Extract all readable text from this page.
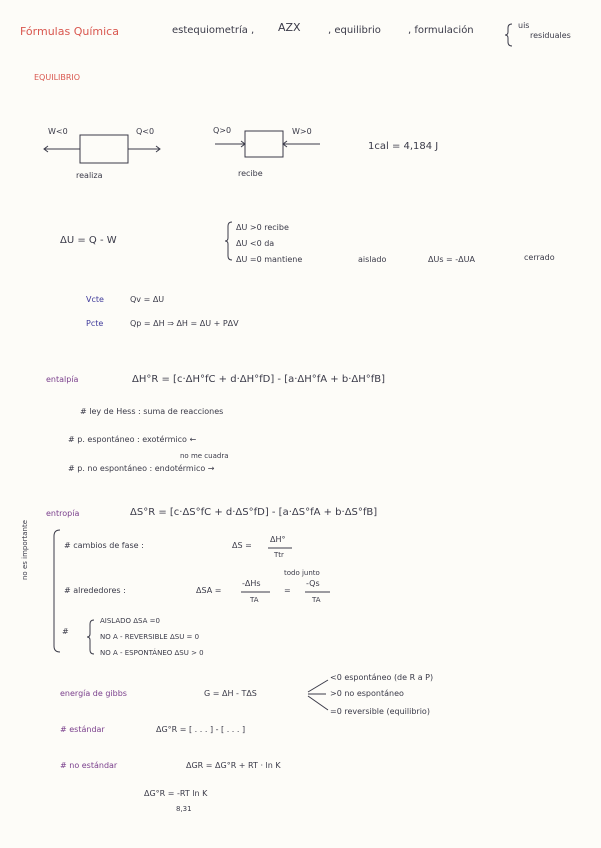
Fórmulas Química	estequiometría , AZX	, equilibrio	, formulación	uis
residuales
EQUILIBRIO
W<0	Q<0
realiza
Q>0	W>0
recibe
1cal = 4,184 J
ΔU = Q - W
ΔU >0 recibe
ΔU <0 da
ΔU =0 mantiene	aislado	ΔUs = -ΔUA	cerrado
Vcte	Qv = ΔU
Pcte	Qp = ΔH ⇒ ΔH = ΔU + PΔV
entalpía	ΔH°R = [c·ΔH°fC + d·ΔH°fD] - [a·ΔH°fA + b·ΔH°fB]
# ley de Hess : suma de reacciones
# p. espontáneo : exotérmico ←
no me cuadra
# p. no espontáneo : endotérmico →
entropía	ΔS°R = [c·ΔS°fC + d·ΔS°fD] - [a·ΔS°fA + b·ΔS°fB]
no es importante	# cambios de fase :	ΔS =
ΔH°
Ttr
todo junto
# alrededores :	ΔSA =
-ΔHs
TA
=
-Qs
TA
#
AISLADO ΔSA =0
NO A - REVERSIBLE ΔSU = 0
NO A - ESPONTÁNEO ΔSU > 0
energía de gibbs	G = ΔH - TΔS
<0 espontáneo (de R a P)
>0 no espontáneo
=0 reversible (equilibrio)
# estándar	ΔG°R = [ . . . ] - [ . . . ]
# no estándar	ΔGR = ΔG°R + RT · ln K
ΔG°R = -RT ln K
8,31
